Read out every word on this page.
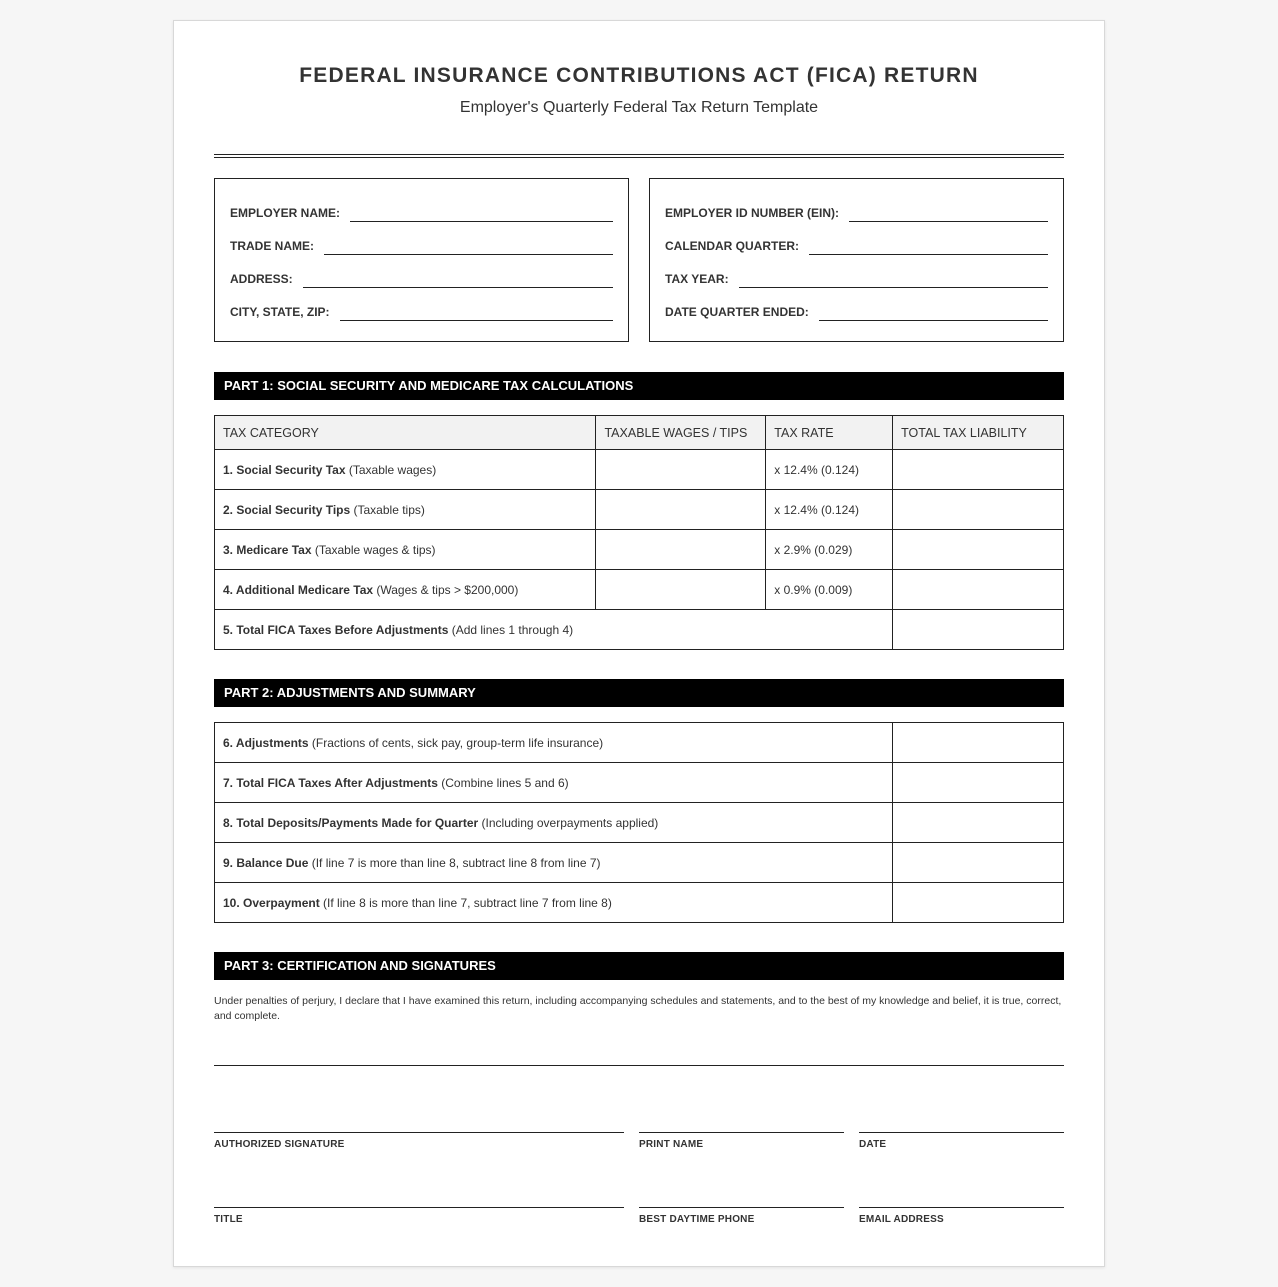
FEDERAL INSURANCE CONTRIBUTIONS ACT (FICA) RETURN
Employer's Quarterly Federal Tax Return Template
EMPLOYER NAME:
TRADE NAME:
ADDRESS:
CITY, STATE, ZIP:
EMPLOYER ID NUMBER (EIN):
CALENDAR QUARTER:
TAX YEAR:
DATE QUARTER ENDED:
PART 1: SOCIAL SECURITY AND MEDICARE TAX CALCULATIONS
TAX CATEGORY	TAXABLE WAGES / TIPS	TAX RATE	TOTAL TAX LIABILITY
1. Social Security Tax (Taxable wages)		x 12.4% (0.124)	
2. Social Security Tips (Taxable tips)		x 12.4% (0.124)	
3. Medicare Tax (Taxable wages & tips)		x 2.9% (0.029)	
4. Additional Medicare Tax (Wages & tips > $200,000)		x 0.9% (0.009)	
5. Total FICA Taxes Before Adjustments (Add lines 1 through 4)			
PART 2: ADJUSTMENTS AND SUMMARY
6. Adjustments (Fractions of cents, sick pay, group-term life insurance)	
7. Total FICA Taxes After Adjustments (Combine lines 5 and 6)	
8. Total Deposits/Payments Made for Quarter (Including overpayments applied)	
9. Balance Due (If line 7 is more than line 8, subtract line 8 from line 7)	
10. Overpayment (If line 8 is more than line 7, subtract line 7 from line 8)	
PART 3: CERTIFICATION AND SIGNATURES
Under penalties of perjury, I declare that I have examined this return, including accompanying schedules and statements, and to the best of my knowledge and belief, it is true, correct, and complete.
AUTHORIZED SIGNATURE	PRINT NAME	DATE
TITLE	BEST DAYTIME PHONE	EMAIL ADDRESS
